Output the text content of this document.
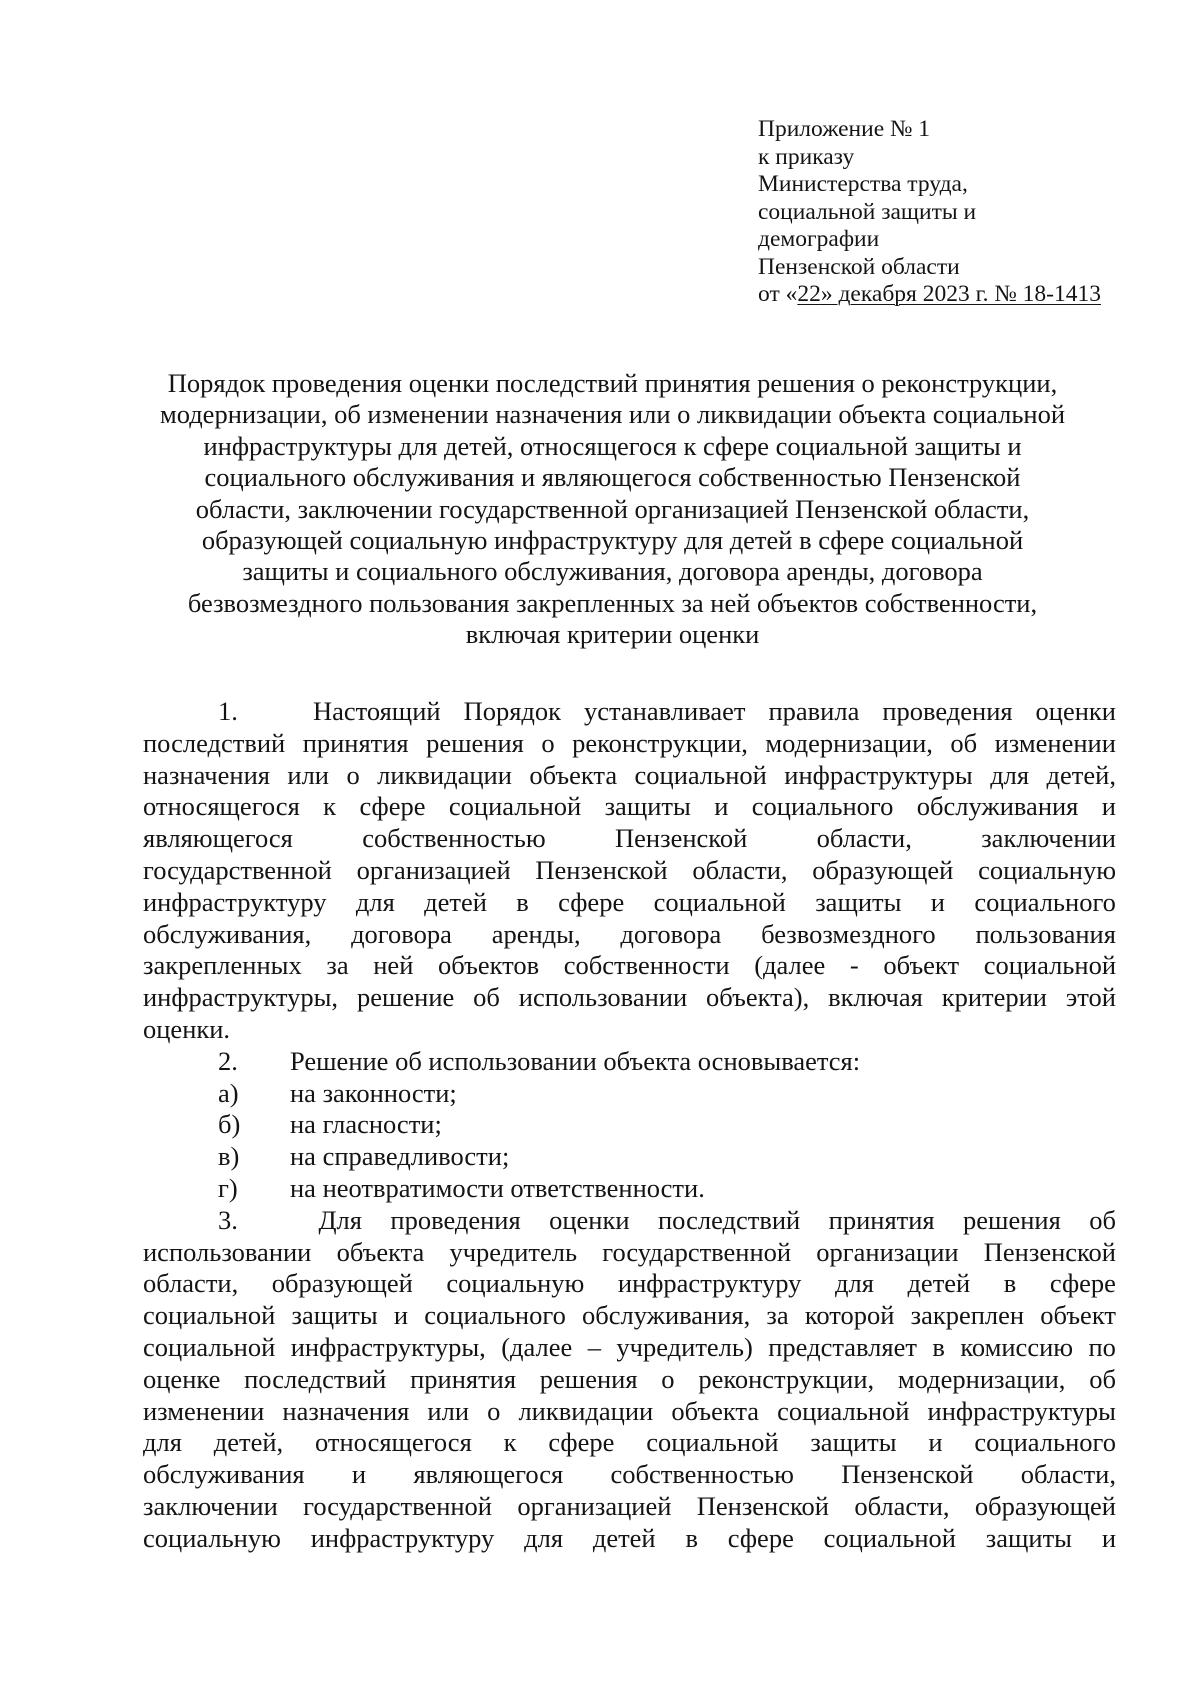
Приложение № 1
к приказу
Министерства труда,
социальной защиты и
демографии
Пензенской области
от «22» декабря 2023 г. № 18-1413
Порядок проведения оценки последствий принятия решения о реконструкции,
модернизации, об изменении назначения или о ликвидации объекта социальной
инфраструктуры для детей, относящегося к сфере социальной защиты и
социального обслуживания и являющегося собственностью Пензенской
области, заключении государственной организацией Пензенской области,
образующей социальную инфраструктуру для детей в сфере социальной
защиты и социального обслуживания, договора аренды, договора
безвозмездного пользования закрепленных за ней объектов собственности,
включая критерии оценки
1.	Настоящий Порядок устанавливает правила проведения оценки
последствий принятия решения о реконструкции, модернизации, об изменении
назначения или о ликвидации объекта социальной инфраструктуры для детей,
относящегося к сфере социальной защиты и социального обслуживания и
являющегося	собственностью	Пензенской	области,	заключении
государственной организацией Пензенской области, образующей социальную
инфраструктуру для детей в сфере социальной защиты и социального
обслуживания, договора аренды, договора безвозмездного пользования
закрепленных за ней объектов собственности (далее - объект социальной
инфраструктуры, решение об использовании объекта), включая критерии этой
оценки.
2.	Решение об использовании объекта основывается:
а)	на законности;
б)	на гласности;
в)	на справедливости;
г)	на неотвратимости ответственности.
3.	Для проведения оценки последствий принятия решения об
использовании объекта учредитель государственной организации Пензенской
области, образующей социальную инфраструктуру для детей в сфере
социальной защиты и социального обслуживания, за которой закреплен объект
социальной инфраструктуры, (далее – учредитель) представляет в комиссию по
оценке последствий принятия решения о реконструкции, модернизации, об
изменении назначения или о ликвидации объекта социальной инфраструктуры
для детей, относящегося к сфере социальной защиты и социального
обслуживания и являющегося собственностью Пензенской области,
заключении государственной организацией Пензенской области, образующей
социальную инфраструктуру для детей в сфере социальной защиты и
